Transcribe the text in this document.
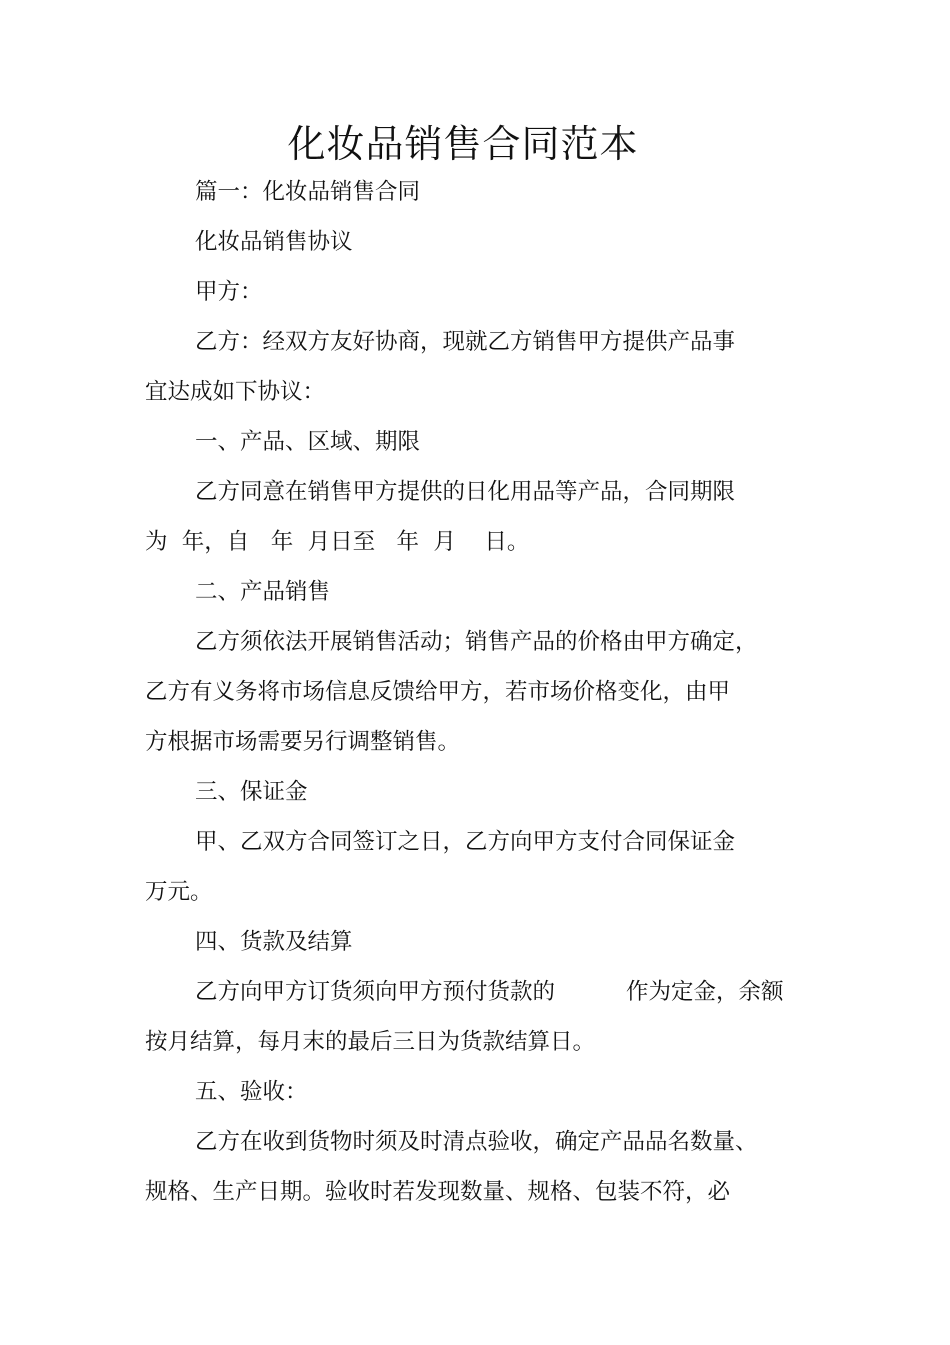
化妆品销售合同范本
篇一：化妆品销售合同
化妆品销售协议
甲方：
乙方：经双方友好协商，现就乙方销售甲方提供产品事
宜达成如下协议：
一、产品、区域、期限
乙方同意在销售甲方提供的日化用品等产品，合同期限
为  年，自   年  月日至   年  月    日。
二、产品销售
乙方须依法开展销售活动；销售产品的价格由甲方确定，
乙方有义务将市场信息反馈给甲方，若市场价格变化，由甲
方根据市场需要另行调整销售。
三、保证金
甲、乙双方合同签订之日，乙方向甲方支付合同保证金
万元。
四、货款及结算
乙方向甲方订货须向甲方预付货款的	作为定金，余额
按月结算，每月末的最后三日为货款结算日。
五、验收：
乙方在收到货物时须及时清点验收，确定产品品名数量、
规格、生产日期。验收时若发现数量、规格、包装不符，必
